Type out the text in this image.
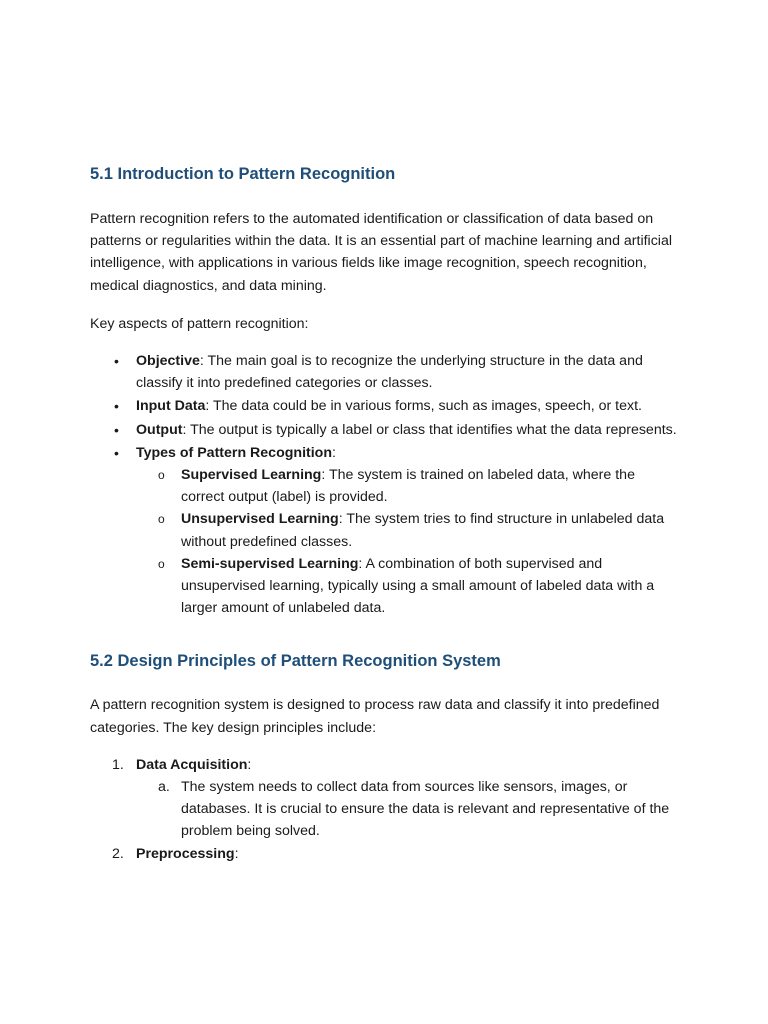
5.1 Introduction to Pattern Recognition

Pattern recognition refers to the automated identification or classification of data based on patterns or regularities within the data. It is an essential part of machine learning and artificial intelligence, with applications in various fields like image recognition, speech recognition, medical diagnostics, and data mining.

Key aspects of pattern recognition:

• Objective: The main goal is to recognize the underlying structure in the data and classify it into predefined categories or classes.
• Input Data: The data could be in various forms, such as images, speech, or text.
• Output: The output is typically a label or class that identifies what the data represents.
• Types of Pattern Recognition:
o Supervised Learning: The system is trained on labeled data, where the correct output (label) is provided.
o Unsupervised Learning: The system tries to find structure in unlabeled data without predefined classes.
o Semi-supervised Learning: A combination of both supervised and unsupervised learning, typically using a small amount of labeled data with a larger amount of unlabeled data.
5.2 Design Principles of Pattern Recognition System

A pattern recognition system is designed to process raw data and classify it into predefined categories. The key design principles include:

1. Data Acquisition:
a. The system needs to collect data from sources like sensors, images, or databases. It is crucial to ensure the data is relevant and representative of the problem being solved.
2. Preprocessing:
